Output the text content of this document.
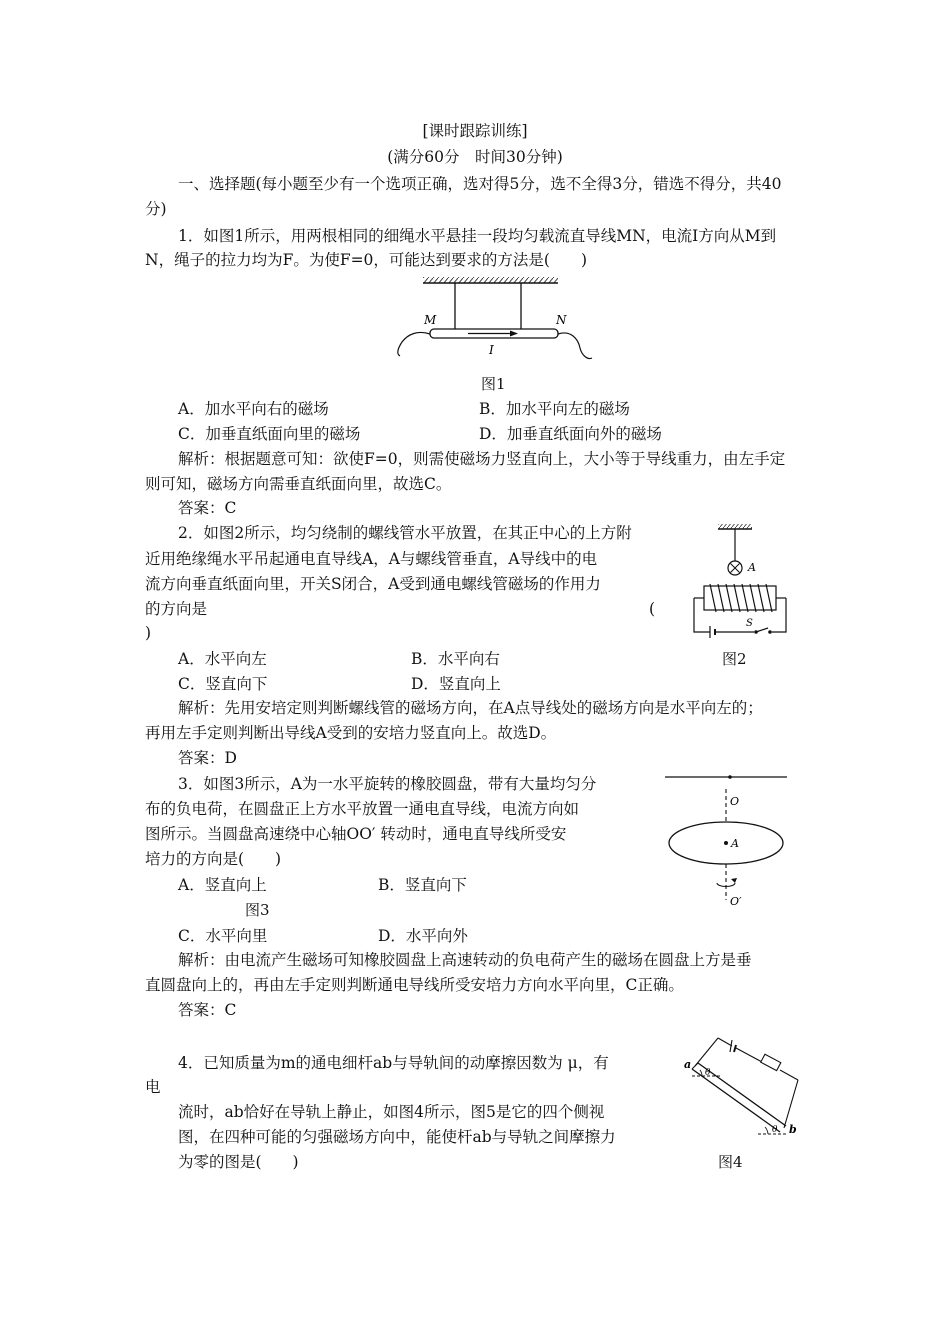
[课时跟踪训练]
(满分60分　时间30分钟)
一、选择题(每小题至少有一个选项正确，选对得5分，选不全得3分，错选不得分，共40
分)
1．如图1所示，用两根相同的细绳水平悬挂一段均匀载流直导线MN，电流I方向从M到
N，绳子的拉力均为F。为使F=0，可能达到要求的方法是(　　)
M	N
I
图1
A．加水平向右的磁场	B．加水平向左的磁场
C．加垂直纸面向里的磁场	D．加垂直纸面向外的磁场
解析：根据题意可知：欲使F=0，则需使磁场力竖直向上，大小等于导线重力，由左手定
则可知，磁场方向需垂直纸面向里，故选C。
答案：C
2．如图2所示，均匀绕制的螺线管水平放置，在其正中心的上方附
近用绝缘绳水平吊起通电直导线A，A与螺线管垂直，A导线中的电
流方向垂直纸面向里，开关S闭合，A受到通电螺线管磁场的作用力
的方向是	(
)
A
S
A．水平向左	B．水平向右	图2
C．竖直向下	D．竖直向上
解析：先用安培定则判断螺线管的磁场方向，在A点导线处的磁场方向是水平向左的；
再用左手定则判断出导线A受到的安培力竖直向上。故选D。
答案：D
3．如图3所示，A为一水平旋转的橡胶圆盘，带有大量均匀分
布的负电荷，在圆盘正上方水平放置一通电直导线，电流方向如
图所示。当圆盘高速绕中心轴OO′ 转动时，通电直导线所受安
培力的方向是(　　)
O
A
O′
A．竖直向上	B．竖直向下
图3
C．水平向里	D．水平向外
解析：由电流产生磁场可知橡胶圆盘上高速转动的负电荷产生的磁场在圆盘上方是垂
直圆盘向上的，再由左手定则判断通电导线所受安培力方向水平向里，C正确。
答案：C
4．已知质量为m的通电细杆ab与导轨间的动摩擦因数为 μ，有
电
流时，ab恰好在导轨上静止，如图4所示，图5是它的四个侧视
图，在四种可能的匀强磁场方向中，能使杆ab与导轨之间摩擦力
为零的图是(　　)
a
b
θ
θ
图4
